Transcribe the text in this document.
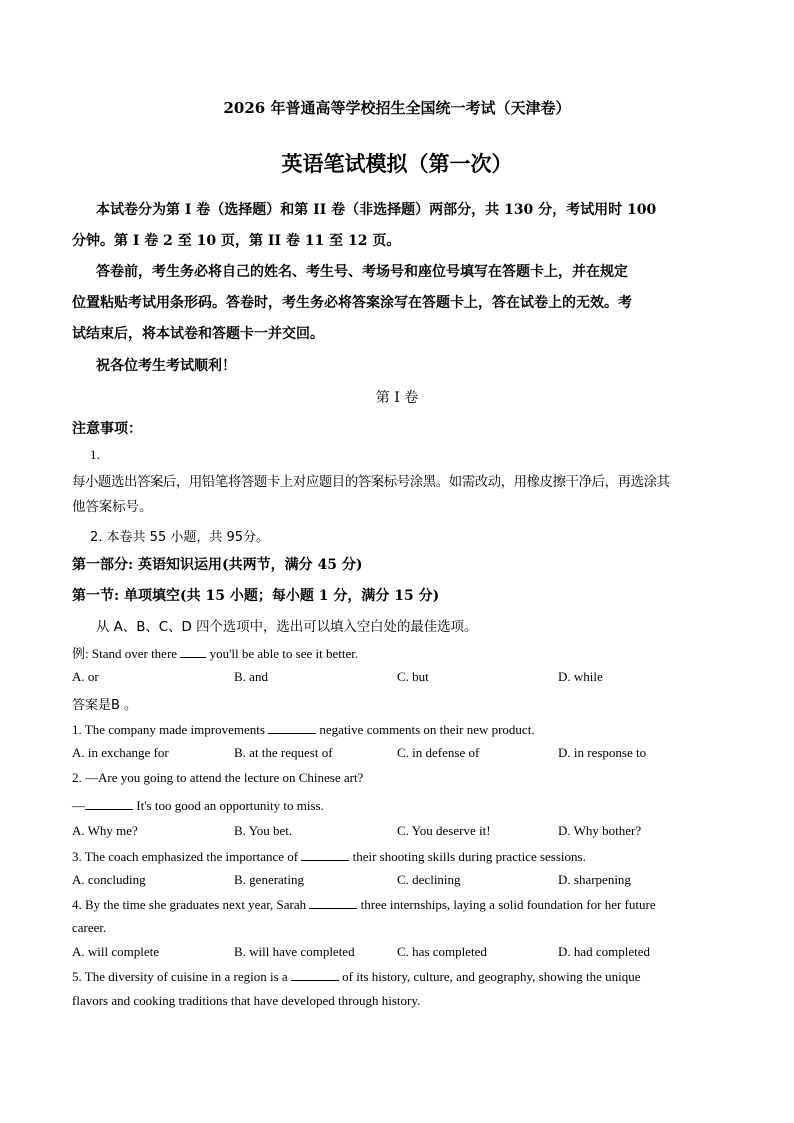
2026 年普通高等学校招生全国统一考试（天津卷）
英语笔试模拟（第一次）
本试卷分为第 I 卷（选择题）和第 II 卷（非选择题）两部分，共 130 分，考试用时 100
分钟。第 I 卷 2 至 10 页，第 II 卷 11 至 12 页。
答卷前，考生务必将自己的姓名、考生号、考场号和座位号填写在答题卡上，并在规定
位置粘贴考试用条形码。答卷时，考生务必将答案涂写在答题卡上，答在试卷上的无效。考
试结束后，将本试卷和答题卡一并交回。
祝各位考生考试顺利！
第 I 卷
注意事项：
1.
每小题选出答案后，用铅笔将答题卡上对应题目的答案标号涂黑。如需改动，用橡皮擦干净后，再选涂其
他答案标号。
2. 本卷共 55 小题，共 95分。
第一部分: 英语知识运用(共两节，满分 45 分)
第一节: 单项填空(共 15 小题；每小题 1 分，满分 15 分)
从 A、B、C、D 四个选项中，选出可以填入空白处的最佳选项。
例: Stand over there	you'll be able to see it better.
A. or	B. and	C. but	D. while
答案是B 。
1. The company made improvements	negative comments on their new product.
A. in exchange for	B. at the request of	C. in defense of	D. in response to
2. —Are you going to attend the lecture on Chinese art?
—	It's too good an opportunity to miss.
A. Why me?	B. You bet.	C. You deserve it!	D. Why bother?
3. The coach emphasized the importance of	their shooting skills during practice sessions.
A. concluding	B. generating	C. declining	D. sharpening
4. By the time she graduates next year, Sarah	three internships, laying a solid foundation for her future
career.
A. will complete	B. will have completed	C. has completed	D. had completed
5. The diversity of cuisine in a region is a	of its history, culture, and geography, showing the unique
flavors and cooking traditions that have developed through history.
